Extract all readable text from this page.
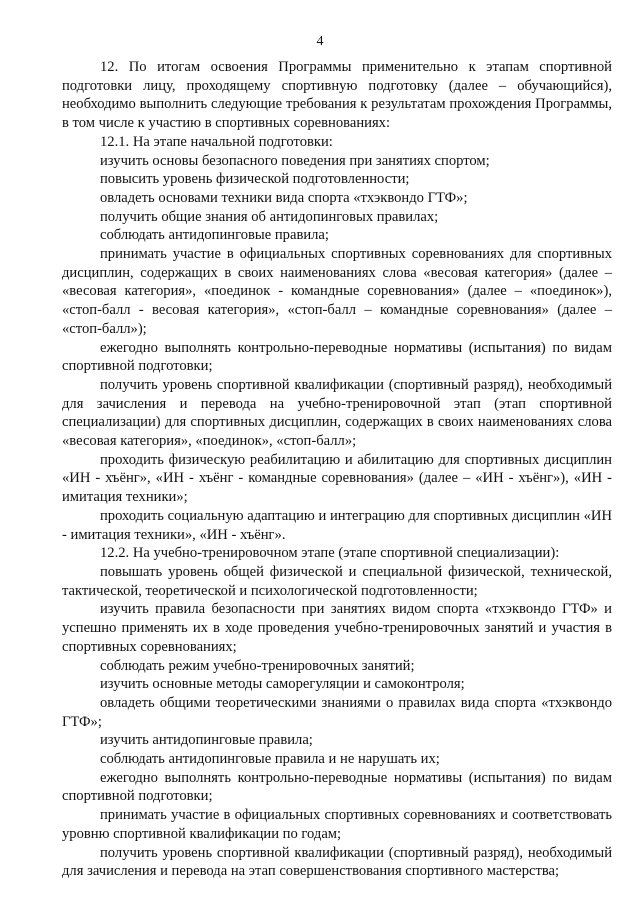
4

12. По итогам освоения Программы применительно к этапам спортивной подготовки лицу, проходящему спортивную подготовку (далее – обучающийся), необходимо выполнить следующие требования к результатам прохождения Программы, в том числе к участию в спортивных соревнованиях:

12.1. На этапе начальной подготовки:

изучить основы безопасного поведения при занятиях спортом;

повысить уровень физической подготовленности;

овладеть основами техники вида спорта «тхэквондо ГТФ»;

получить общие знания об антидопинговых правилах;

соблюдать антидопинговые правила;

принимать участие в официальных спортивных соревнованиях для спортивных дисциплин, содержащих в своих наименованиях слова «весовая категория» (далее – «весовая категория», «поединок - командные соревнования» (далее – «поединок»), «стоп-балл - весовая категория», «стоп-балл – командные соревнования» (далее – «стоп-балл»);

ежегодно выполнять контрольно-переводные нормативы (испытания) по видам спортивной подготовки;

получить уровень спортивной квалификации (спортивный разряд), необходимый для зачисления и перевода на учебно-тренировочной этап (этап спортивной специализации) для спортивных дисциплин, содержащих в своих наименованиях слова «весовая категория», «поединок», «стоп-балл»;

проходить физическую реабилитацию и абилитацию для спортивных дисциплин «ИН - хъёнг», «ИН - хъёнг - командные соревнования» (далее – «ИН - хъёнг»), «ИН - имитация техники»;

проходить социальную адаптацию и интеграцию для спортивных дисциплин «ИН - имитация техники», «ИН - хъёнг».

12.2. На учебно-тренировочном этапе (этапе спортивной специализации):

повышать уровень общей физической и специальной физической, технической, тактической, теоретической и психологической подготовленности;

изучить правила безопасности при занятиях видом спорта «тхэквондо ГТФ» и успешно применять их в ходе проведения учебно-тренировочных занятий и участия в спортивных соревнованиях;

соблюдать режим учебно-тренировочных занятий;

изучить основные методы саморегуляции и самоконтроля;

овладеть общими теоретическими знаниями о правилах вида спорта «тхэквондо ГТФ»;

изучить антидопинговые правила;

соблюдать антидопинговые правила и не нарушать их;

ежегодно выполнять контрольно-переводные нормативы (испытания) по видам спортивной подготовки;

принимать участие в официальных спортивных соревнованиях и соответствовать уровню спортивной квалификации по годам;

получить уровень спортивной квалификации (спортивный разряд), необходимый для зачисления и перевода на этап совершенствования спортивного мастерства;
